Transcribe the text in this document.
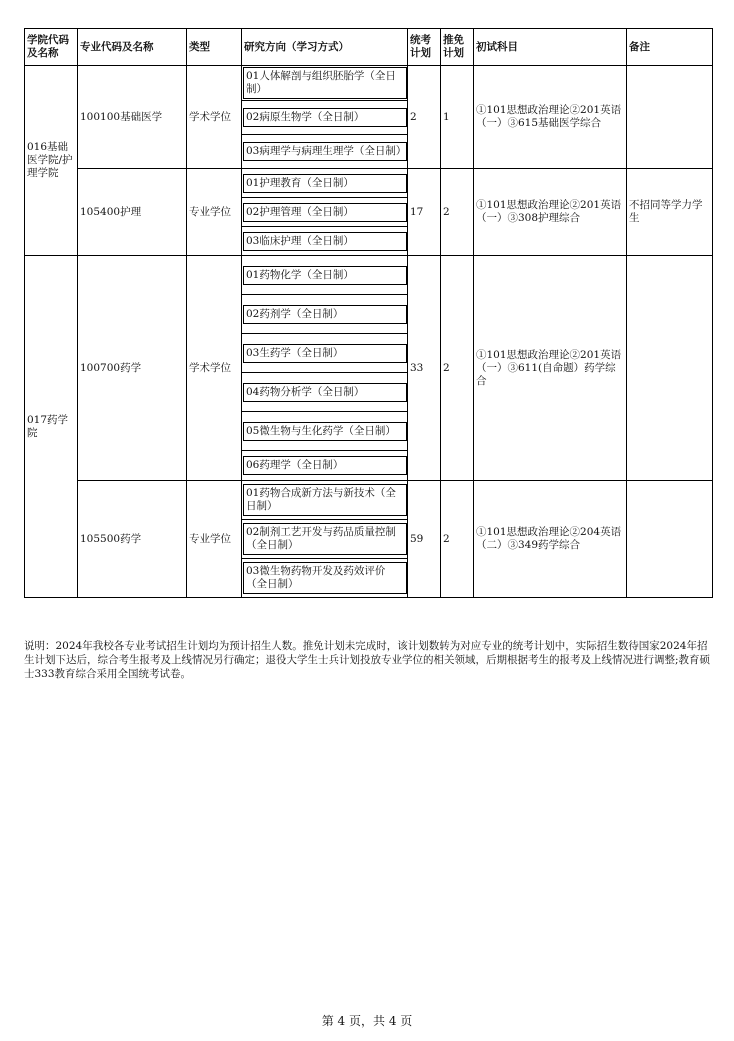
学院代码及名称	专业代码及名称	类型	研究方向（学习方式）	统考计划	推免计划	初试科目	备注
016基础医学院/护理学院	100100基础医学	学术学位	01人体解剖与组织胚胎学（全日制）	2	1	①101思想政治理论②201英语（一）③615基础医学综合	

			02病原生物学（全日制）				

			03病理学与病理生理学（全日制）				

	105400护理	专业学位	01护理教育（全日制）	17	2	①101思想政治理论②201英语（一）③308护理综合	不招同等学力学生

			02护理管理（全日制）				

			03临床护理（全日制）				

017药学院	100700药学	学术学位	01药物化学（全日制）	33	2	①101思想政治理论②201英语（一）③611(自命题）药学综合	

			02药剂学（全日制）				

			03生药学（全日制）				

			04药物分析学（全日制）				

			05微生物与生化药学（全日制）				

			06药理学（全日制）				

	105500药学	专业学位	01药物合成新方法与新技术（全日制）	59	2	①101思想政治理论②204英语（二）③349药学综合	

			02制剂工艺开发与药品质量控制（全日制）				

			03微生物药物开发及药效评价（全日制）				
说明：2024年我校各专业考试招生计划均为预计招生人数。推免计划未完成时，该计划数转为对应专业的统考计划中，实际招生数待国家2024年招生计划下达后，综合考生报考及上线情况另行确定；退役大学生士兵计划投放专业学位的相关领域，后期根据考生的报考及上线情况进行调整;教育硕士333教育综合采用全国统考试卷。
第 4 页，共 4 页
